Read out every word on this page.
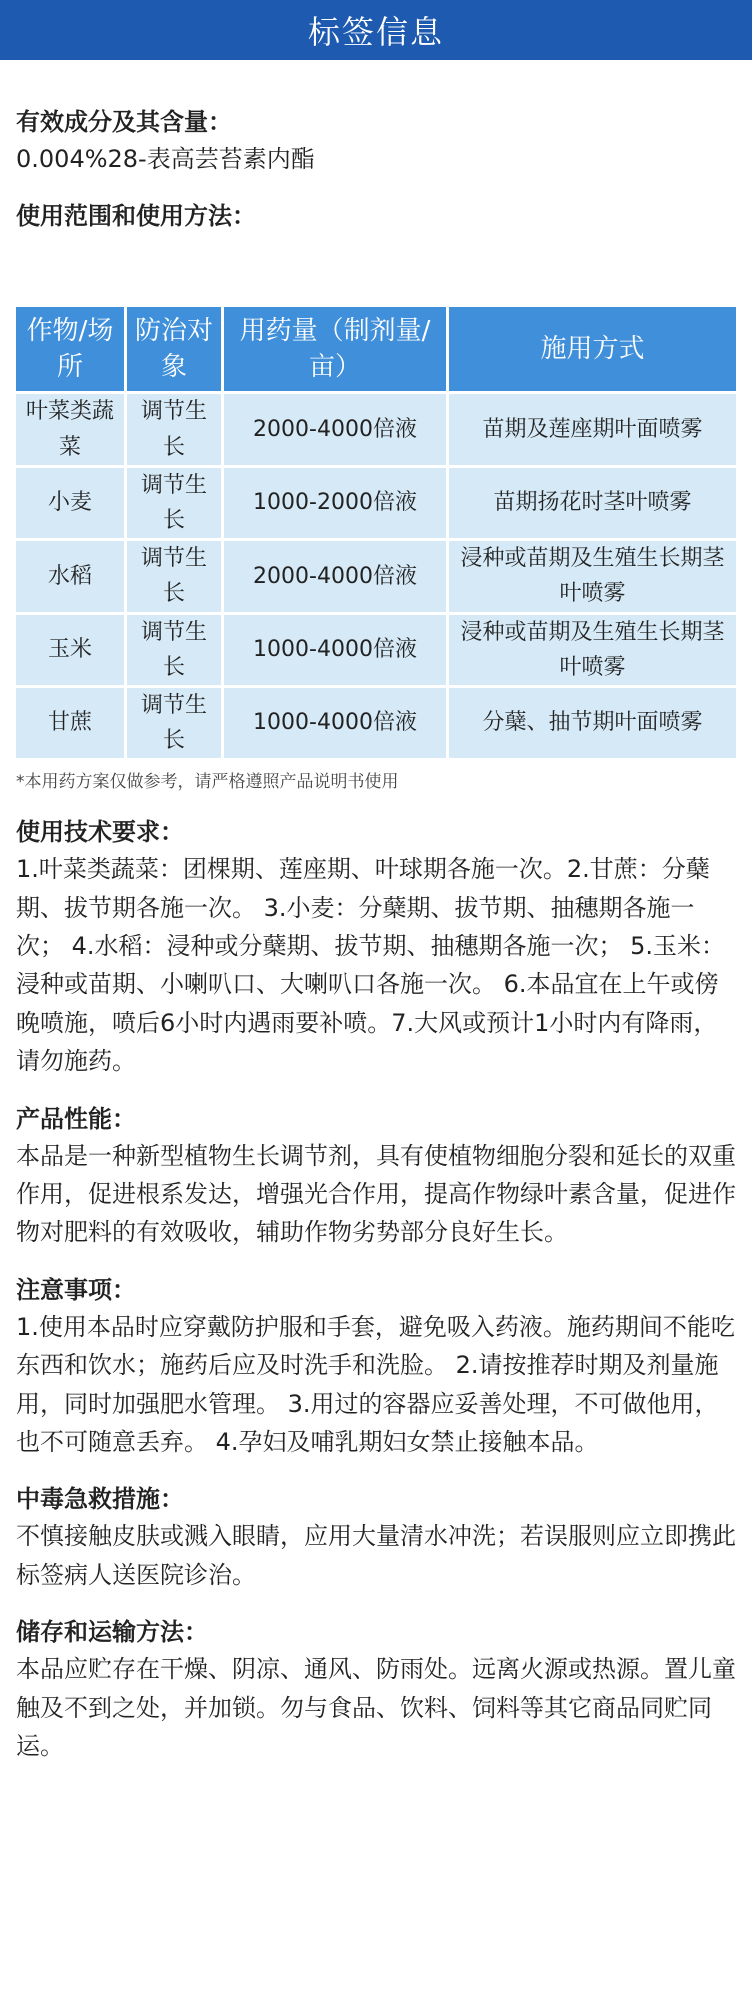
标签信息
有效成分及其含量：
0.004%28-表高芸苔素内酯
使用范围和使用方法：
作物/场所	防治对象	用药量（制剂量/亩）	施用方式
叶菜类蔬菜	调节生长	2000-4000倍液	苗期及莲座期叶面喷雾
小麦	调节生长	1000-2000倍液	苗期扬花时茎叶喷雾
水稻	调节生长	2000-4000倍液	浸种或苗期及生殖生长期茎叶喷雾
玉米	调节生长	1000-4000倍液	浸种或苗期及生殖生长期茎叶喷雾
甘蔗	调节生长	1000-4000倍液	分蘖、抽节期叶面喷雾
*本用药方案仅做参考，请严格遵照产品说明书使用
使用技术要求：
1.叶菜类蔬菜：团棵期、莲座期、叶球期各施一次。2.甘蔗：分蘖期、拔节期各施一次。 3.小麦：分蘖期、拔节期、抽穗期各施一次； 4.水稻：浸种或分蘖期、拔节期、抽穗期各施一次； 5.玉米：浸种或苗期、小喇叭口、大喇叭口各施一次。 6.本品宜在上午或傍晚喷施，喷后6小时内遇雨要补喷。7.大风或预计1小时内有降雨，请勿施药。
产品性能：
本品是一种新型植物生长调节剂，具有使植物细胞分裂和延长的双重作用，促进根系发达，增强光合作用，提高作物绿叶素含量，促进作物对肥料的有效吸收，辅助作物劣势部分良好生长。
注意事项：
1.使用本品时应穿戴防护服和手套，避免吸入药液。施药期间不能吃东西和饮水；施药后应及时洗手和洗脸。 2.请按推荐时期及剂量施用，同时加强肥水管理。 3.用过的容器应妥善处理，不可做他用，也不可随意丢弃。 4.孕妇及哺乳期妇女禁止接触本品。
中毒急救措施：
不慎接触皮肤或溅入眼睛，应用大量清水冲洗；若误服则应立即携此标签病人送医院诊治。
储存和运输方法：
本品应贮存在干燥、阴凉、通风、防雨处。远离火源或热源。置儿童触及不到之处，并加锁。勿与食品、饮料、饲料等其它商品同贮同运。
